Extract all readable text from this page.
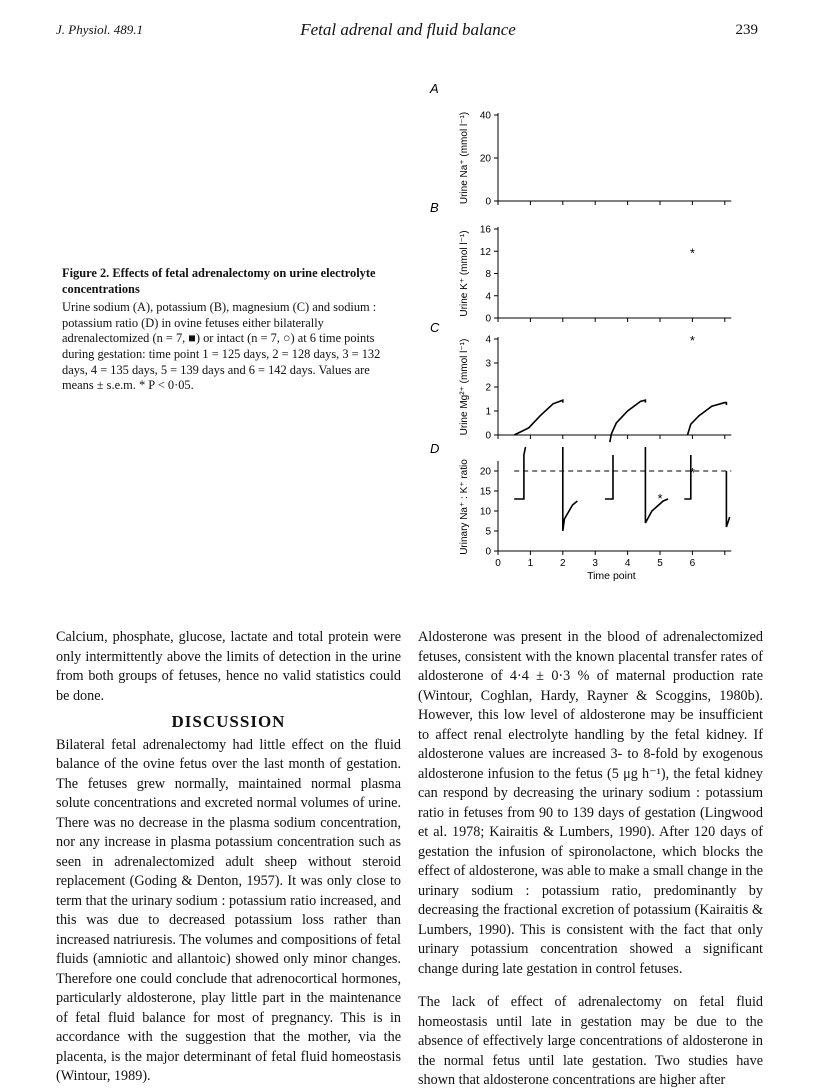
J. Physiol. 489.1	Fetal adrenal and fluid balance	239
Figure 2. Effects of fetal adrenalectomy on urine electrolyte concentrations
Urine sodium (A), potassium (B), magnesium (C) and sodium : potassium ratio (D) in ovine fetuses either bilaterally adrenalectomized (n = 7, ■) or intact (n = 7, ○) at 6 time points during gestation: time point 1 = 125 days, 2 = 128 days, 3 = 132 days, 4 = 135 days, 5 = 139 days and 6 = 142 days. Values are means ± s.e.m. * P < 0·05.
A
0
20
40
Urine Na⁺ (mmol l⁻¹)
B
0
4
8
12
16
Urine K⁺ (mmol l⁻¹)	*
C
0
1
2
3
4
Urine Mg²⁺ (mmol l⁻¹)	*
D
0
5
10
15
20
0	1	2	3	4	5	6
Time point
Urinary Na⁺ : K⁺ ratio	*
*

Calcium, phosphate, glucose, lactate and total protein were only intermittently above the limits of detection in the urine from both groups of fetuses, hence no valid statistics could be done.

DISCUSSION

Bilateral fetal adrenalectomy had little effect on the fluid balance of the ovine fetus over the last month of gestation. The fetuses grew normally, maintained normal plasma solute concentrations and excreted normal volumes of urine. There was no decrease in the plasma sodium concentration, nor any increase in plasma potassium concentration such as seen in adrenalectomized adult sheep without steroid replacement (Goding & Denton, 1957). It was only close to term that the urinary sodium : potassium ratio increased, and this was due to decreased potassium loss rather than increased natriuresis. The volumes and compositions of fetal fluids (amniotic and allantoic) showed only minor changes. Therefore one could conclude that adrenocortical hormones, particularly aldosterone, play little part in the maintenance of fetal fluid balance for most of pregnancy. This is in accordance with the suggestion that the mother, via the placenta, is the major determinant of fetal fluid homeostasis (Wintour, 1989).

Aldosterone was present in the blood of adrenalectomized fetuses, consistent with the known placental transfer rates of aldosterone of 4·4 ± 0·3 % of maternal production rate (Wintour, Coghlan, Hardy, Rayner & Scoggins, 1980b). However, this low level of aldosterone may be insufficient to affect renal electrolyte handling by the fetal kidney. If aldosterone values are increased 3- to 8-fold by exogenous aldosterone infusion to the fetus (5 μg h⁻¹), the fetal kidney can respond by decreasing the urinary sodium : potassium ratio in fetuses from 90 to 139 days of gestation (Lingwood et al. 1978; Kairaitis & Lumbers, 1990). After 120 days of gestation the infusion of spironolactone, which blocks the effect of aldosterone, was able to make a small change in the urinary sodium : potassium ratio, predominantly by decreasing the fractional excretion of potassium (Kairaitis & Lumbers, 1990). This is consistent with the fact that only urinary potassium concentration showed a significant change during late gestation in control fetuses.

The lack of effect of adrenalectomy on fetal fluid homeostasis until late in gestation may be due to the absence of effectively large concentrations of aldosterone in the normal fetus until late gestation. Two studies have shown that aldosterone concentrations are higher after
